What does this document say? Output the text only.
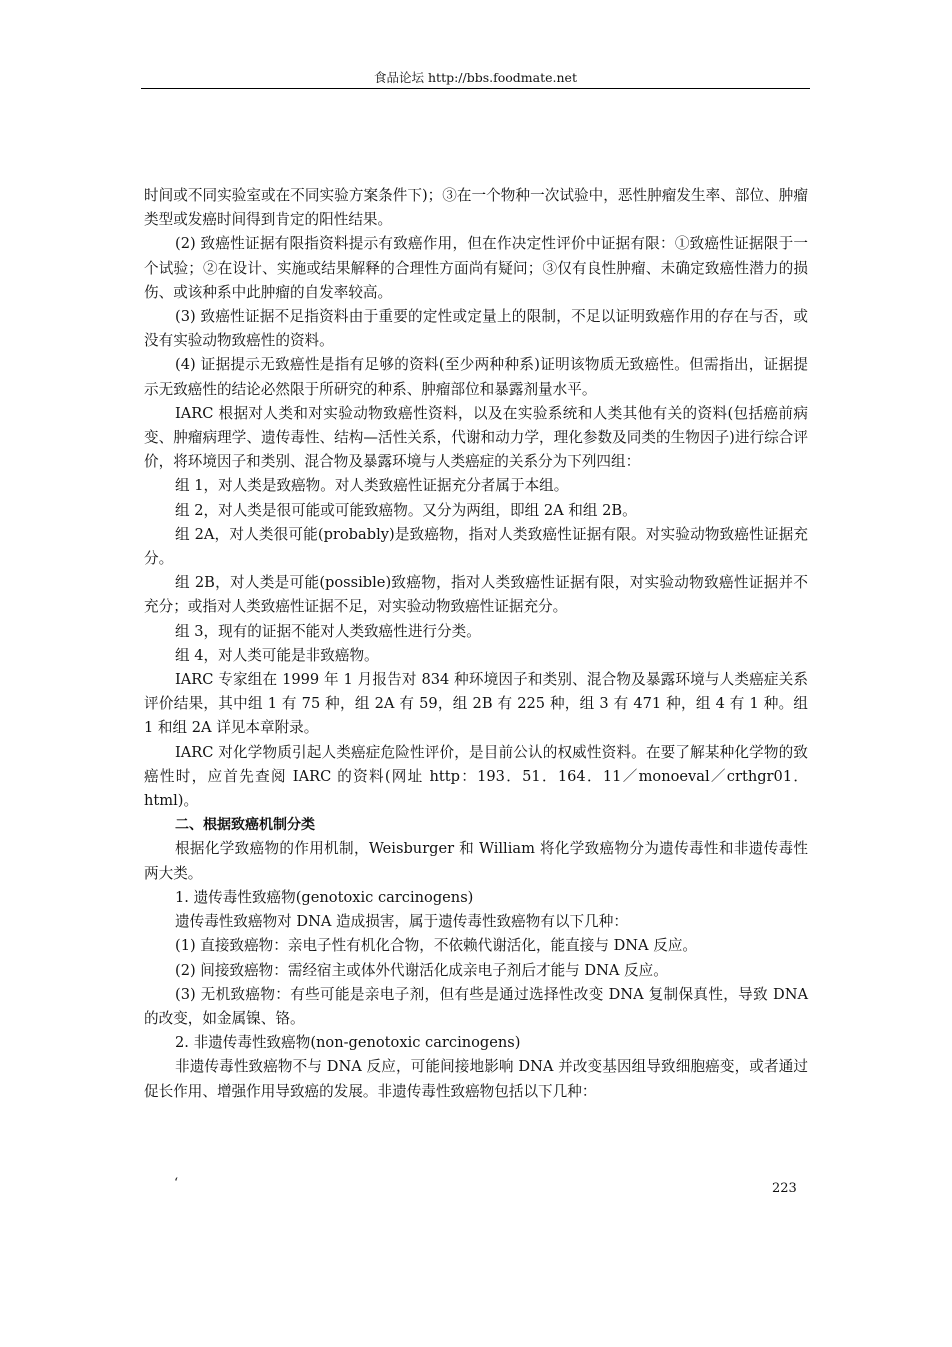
食品论坛 http://bbs.foodmate.net

时间或不同实验室或在不同实验方案条件下)；③在一个物种一次试验中，恶性肿瘤发生率、部位、肿瘤类型或发癌时间得到肯定的阳性结果。

(2) 致癌性证据有限指资料提示有致癌作用，但在作决定性评价中证据有限：①致癌性证据限于一个试验；②在设计、实施或结果解释的合理性方面尚有疑问；③仅有良性肿瘤、未确定致癌性潜力的损伤、或该种系中此肿瘤的自发率较高。

(3) 致癌性证据不足指资料由于重要的定性或定量上的限制，不足以证明致癌作用的存在与否，或没有实验动物致癌性的资料。

(4) 证据提示无致癌性是指有足够的资料(至少两种种系)证明该物质无致癌性。但需指出，证据提示无致癌性的结论必然限于所研究的种系、肿瘤部位和暴露剂量水平。

IARC 根据对人类和对实验动物致癌性资料，以及在实验系统和人类其他有关的资料(包括癌前病变、肿瘤病理学、遗传毒性、结构—活性关系，代谢和动力学，理化参数及同类的生物因子)进行综合评价，将环境因子和类别、混合物及暴露环境与人类癌症的关系分为下列四组：

组 1，对人类是致癌物。对人类致癌性证据充分者属于本组。

组 2，对人类是很可能或可能致癌物。又分为两组，即组 2A 和组 2B。

组 2A，对人类很可能(probably)是致癌物，指对人类致癌性证据有限。对实验动物致癌性证据充分。

组 2B，对人类是可能(possible)致癌物，指对人类致癌性证据有限，对实验动物致癌性证据并不充分；或指对人类致癌性证据不足，对实验动物致癌性证据充分。

组 3，现有的证据不能对人类致癌性进行分类。

组 4，对人类可能是非致癌物。

IARC 专家组在 1999 年 1 月报告对 834 种环境因子和类别、混合物及暴露环境与人类癌症关系评价结果，其中组 1 有 75 种，组 2A 有 59，组 2B 有 225 种，组 3 有 471 种，组 4 有 1 种。组 1 和组 2A 详见本章附录。

IARC 对化学物质引起人类癌症危险性评价，是目前公认的权威性资料。在要了解某种化学物的致癌性时，应首先查阅 IARC 的资料(网址 http：193．51．164．11／monoeval／crthgr01．html)。

二、根据致癌机制分类

根据化学致癌物的作用机制，Weisburger 和 William 将化学致癌物分为遗传毒性和非遗传毒性两大类。

1. 遗传毒性致癌物(genotoxic carcinogens)

遗传毒性致癌物对 DNA 造成损害，属于遗传毒性致癌物有以下几种：

(1) 直接致癌物：亲电子性有机化合物，不依赖代谢活化，能直接与 DNA 反应。

(2) 间接致癌物：需经宿主或体外代谢活化成亲电子剂后才能与 DNA 反应。

(3) 无机致癌物：有些可能是亲电子剂，但有些是通过选择性改变 DNA 复制保真性，导致 DNA 的改变，如金属镍、铬。

2. 非遗传毒性致癌物(non-genotoxic carcinogens)

非遗传毒性致癌物不与 DNA 反应，可能间接地影响 DNA 并改变基因组导致细胞癌变，或者通过促长作用、增强作用导致癌的发展。非遗传毒性致癌物包括以下几种：

‘	223
